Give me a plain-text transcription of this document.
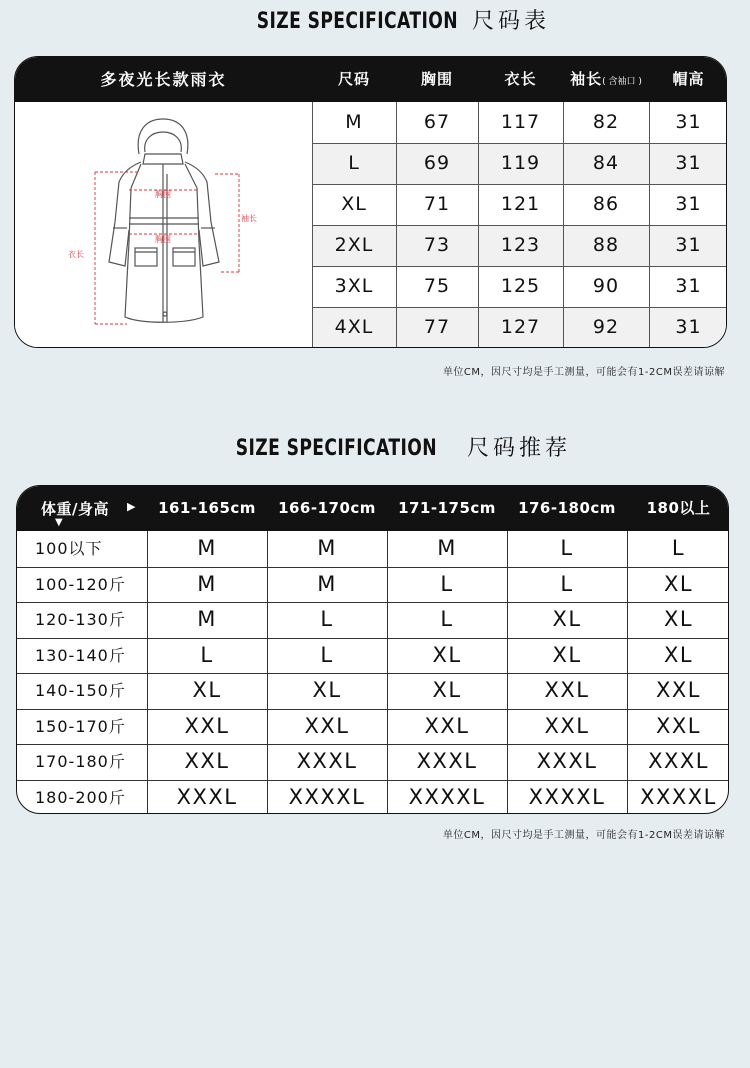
SIZE SPECIFICATION 尺码表
多夜光长款雨衣	尺码	胸围	衣长	袖长( 含袖口 )	帽高
胸围
胸围
袖长
衣长
M	67	117	82	31
L	69	119	84	31
XL	71	121	86	31
2XL	73	123	88	31
3XL	75	125	90	31
4XL	77	127	92	31
单位CM，因尺寸均是手工测量，可能会有1-2CM误差请谅解
SIZE SPECIFICATION 尺码推荐
体重/身高 ▶
▼
161-165cm	166-170cm	171-175cm	176-180cm	180以上
100以下	M	M	M	L	L
100-120斤	M	M	L	L	XL
120-130斤	M	L	L	XL	XL
130-140斤	L	L	XL	XL	XL
140-150斤	XL	XL	XL	XXL	XXL
150-170斤	XXL	XXL	XXL	XXL	XXL
170-180斤	XXL	XXXL	XXXL	XXXL	XXXL
180-200斤	XXXL	XXXXL	XXXXL	XXXXL	XXXXL
单位CM，因尺寸均是手工测量，可能会有1-2CM误差请谅解
